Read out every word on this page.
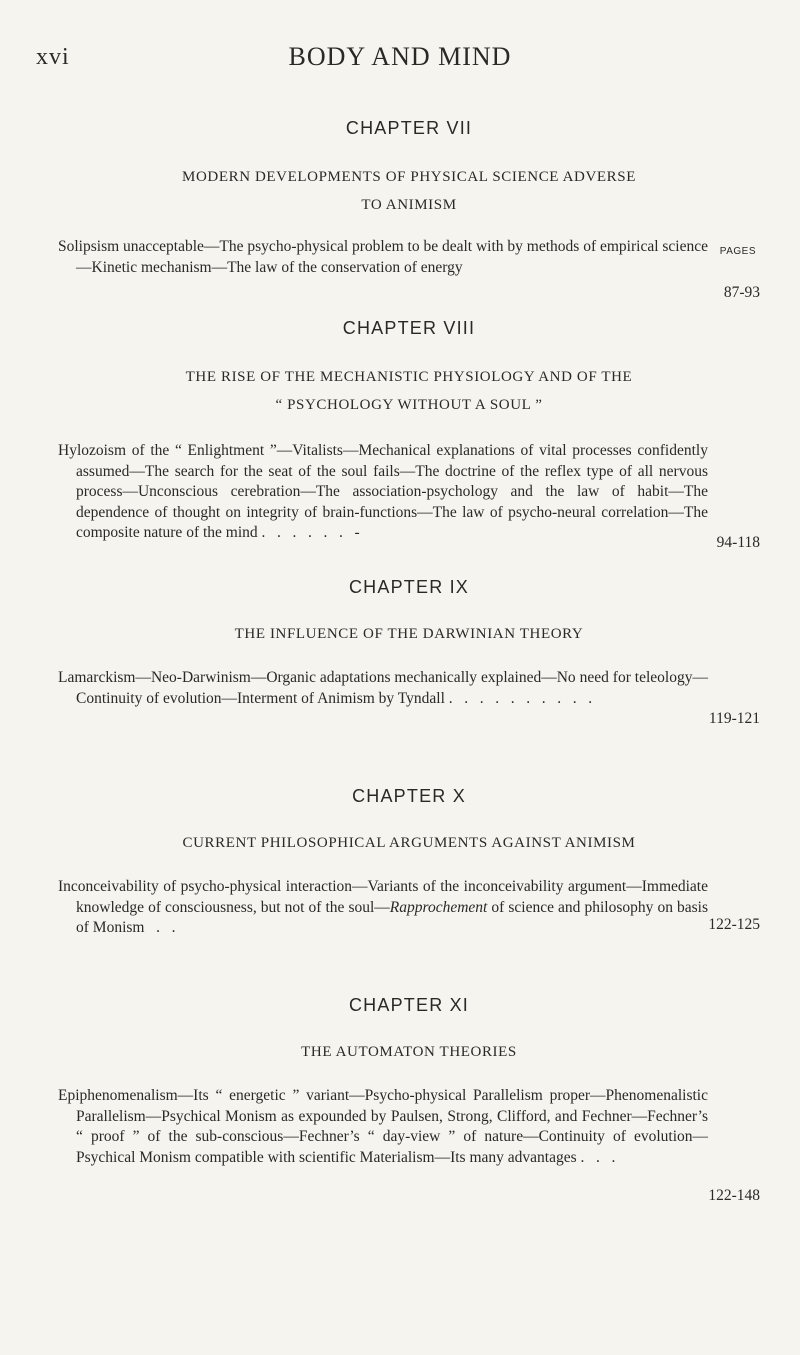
xvi	BODY AND MIND

CHAPTER VII

MODERN DEVELOPMENTS OF PHYSICAL SCIENCE ADVERSE

TO ANIMISM

PAGES

Solipsism unacceptable—The psycho-physical problem to be dealt with by methods of empirical science—Kinetic mechanism—The law of the conservation of energy

87-93

CHAPTER VIII

THE RISE OF THE MECHANISTIC PHYSIOLOGY AND OF THE

“ PSYCHOLOGY WITHOUT A SOUL ”

Hylozoism of the “ Enlightment ”—Vitalists—Mechanical explanations of vital processes confidently assumed—The search for the seat of the soul fails—The doctrine of the reflex type of all nervous process—Unconscious cerebration—The association-psychology and the law of habit—The dependence of thought on integrity of brain-functions—The law of psycho-neural correlation—The composite nature of the mind .   .   .   .   .   .   -

94-118

CHAPTER IX

THE INFLUENCE OF THE DARWINIAN THEORY

Lamarckism—Neo-Darwinism—Organic adaptations mechanically explained—No need for teleology—Continuity of evolution—Interment of Animism by Tyndall .   .   .   .   .   .   .   .   .   .

119-121

CHAPTER X

CURRENT PHILOSOPHICAL ARGUMENTS AGAINST ANIMISM

Inconceivability of psycho-physical interaction—Variants of the inconceivability argument—Immediate knowledge of consciousness, but not of the soul—Rapprochement of science and philosophy on basis of Monism   .   .	122-125

CHAPTER XI

THE AUTOMATON THEORIES

Epiphenomenalism—Its “ energetic ” variant—Psycho-physical Parallelism proper—Phenomenalistic Parallelism—Psychical Monism as expounded by Paulsen, Strong, Clifford, and Fechner—Fechner’s “ proof ” of the sub-conscious—Fechner’s “ day-view ” of nature—Continuity of evolution—Psychical Monism compatible with scientific Materialism—Its many advantages .   .   .

122-148
